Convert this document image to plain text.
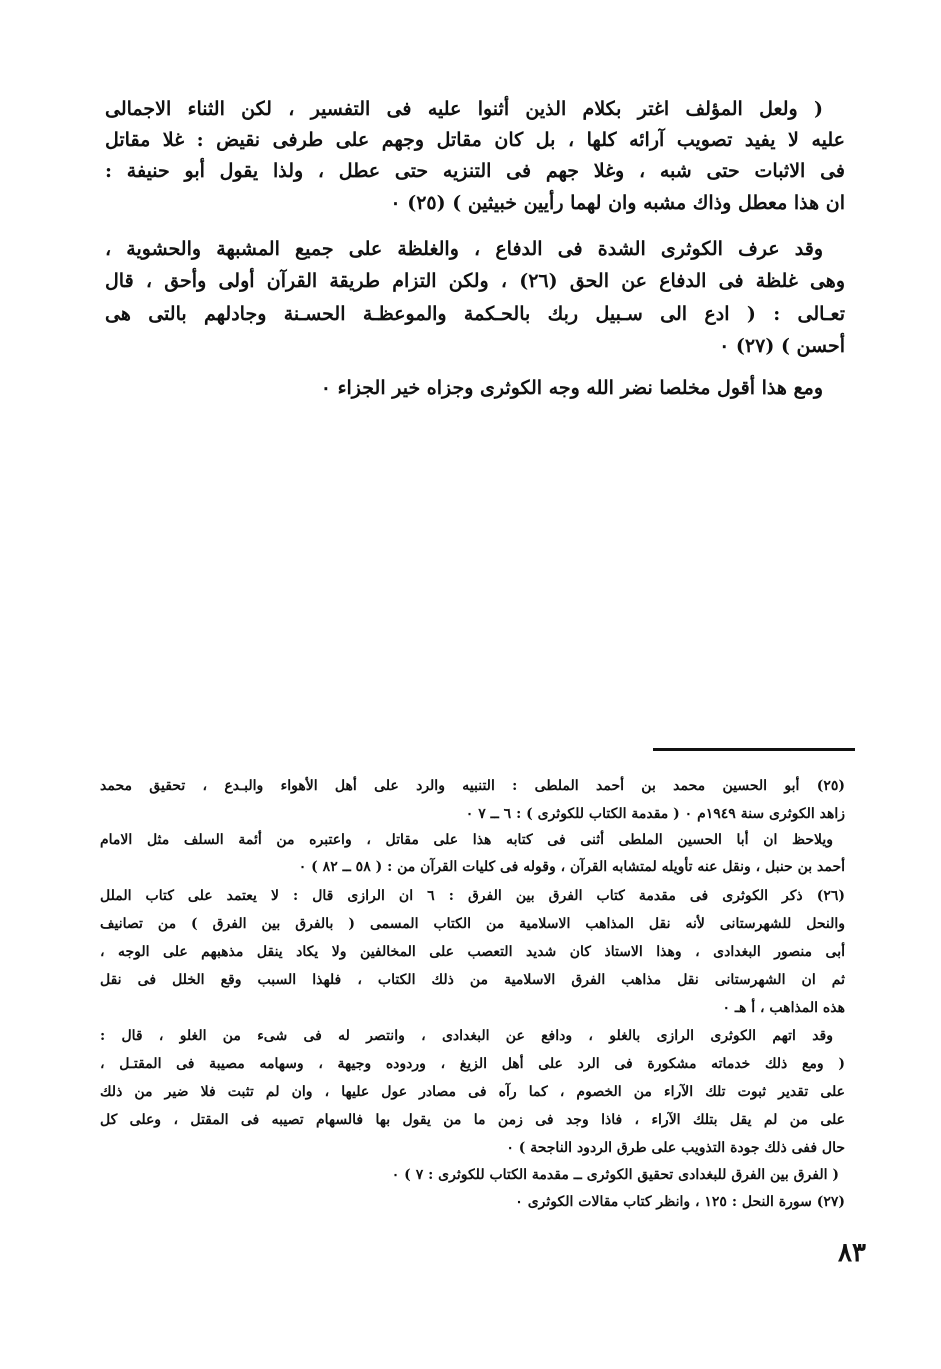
( ولعل المؤلف اغتر بكلام الذين أثنوا عليه فى التفسير ، لكن الثناء الاجمالى
عليه لا يفيد تصويب آرائه كلها ، بل كان مقاتل وجهم على طرفى نقيض : غلا مقاتل
فى الاثبات حتى شبه ، وغلا جهم فى التنزيه حتى عطل ، ولذا يقول أبو حنيفة :
ان هذا معطل وذاك مشبه وان لهما رأيين خبيثين ) (٢٥) ٠
وقد عرف الكوثرى الشدة فى الدفاع ، والغلظة على جميع المشبهة والحشوية ،
وهى غلظة فى الدفاع عن الحق (٢٦) ، ولكن التزام طريقة القرآن أولى وأحق ، قال
تعـالى : ( ادع الى سـبيل ربك بالحـكمة والموعظـة الحسـنة وجادلهم بالتى هى
أحسن ) (٢٧) ٠
ومع هذا أقول مخلصا نضر الله وجه الكوثرى وجزاه خير الجزاء ٠
(٢٥) أبو الحسين محمد بن أحمد الملطى : التنبيه والرد على أهل الأهواء والبـدع ، تحقيق محمد
زاهد الكوثرى سنة ١٩٤٩م ٠ ( مقدمة الكتاب للكوثرى ) : ٦ ــ ٧ ٠
ويلاحظ ان أبا الحسين الملطى أثنى فى كتابه هذا على مقاتل ، واعتبره من أئمة السلف مثل الامام
أحمد بن حنبل ، ونقل عنه تأويله لمتشابه القرآن ، وقوله فى كليات القرآن من : ( ٥٨ ــ ٨٢ ) ٠
(٢٦) ذكر الكوثرى فى مقدمة كتاب الفرق بين الفرق : ٦ ان الرازى قال : لا يعتمد على كتاب الملل
والنحل للشهرستانى لأنه نقل المذاهب الاسلامية من الكتاب المسمى ( بالفرق بين الفرق ) من تصانيف
أبى منصور البغدادى ، وهذا الاستاذ كان شديد التعصب على المخالفين ولا يكاد ينقل مذهبهم على الوجه ،
ثم ان الشهرستانى نقل مذاهب الفرق الاسلامية من ذلك الكتاب ، فلهذا السبب وقع الخلل فى نقل
هذه المذاهب ، أ هـ ٠
وقد اتهم الكوثرى الرازى بالغلو ، ودافع عن البغدادى ، وانتصر له فى شىء من الغلو ، قال :
( ومع ذلك خدماته مشكورة فى الرد على أهل الزيغ ، وردوده وجيهة ، وسهامه مصيبة فى المقتـل ،
على تقدير ثبوت تلك الآراء من الخصوم ، كما رآه فى مصادر عول عليها ، وان لم تثبت فلا ضير من ذلك
على من لم يقل بتلك الآراء ، فاذا وجد فى زمن ما من يقول بها فالسهام تصيبه فى المقتل ، وعلى كل
حال ففى ذلك جودة التذويب على طرق الردود الناجحة ) ٠
( الفرق بين الفرق للبغدادى تحقيق الكوثرى ــ مقدمة الكتاب للكوثرى : ٧ ) ٠
(٢٧) سورة النحل : ١٢٥ ، وانظر كتاب مقالات الكوثرى ٠
٨٣
